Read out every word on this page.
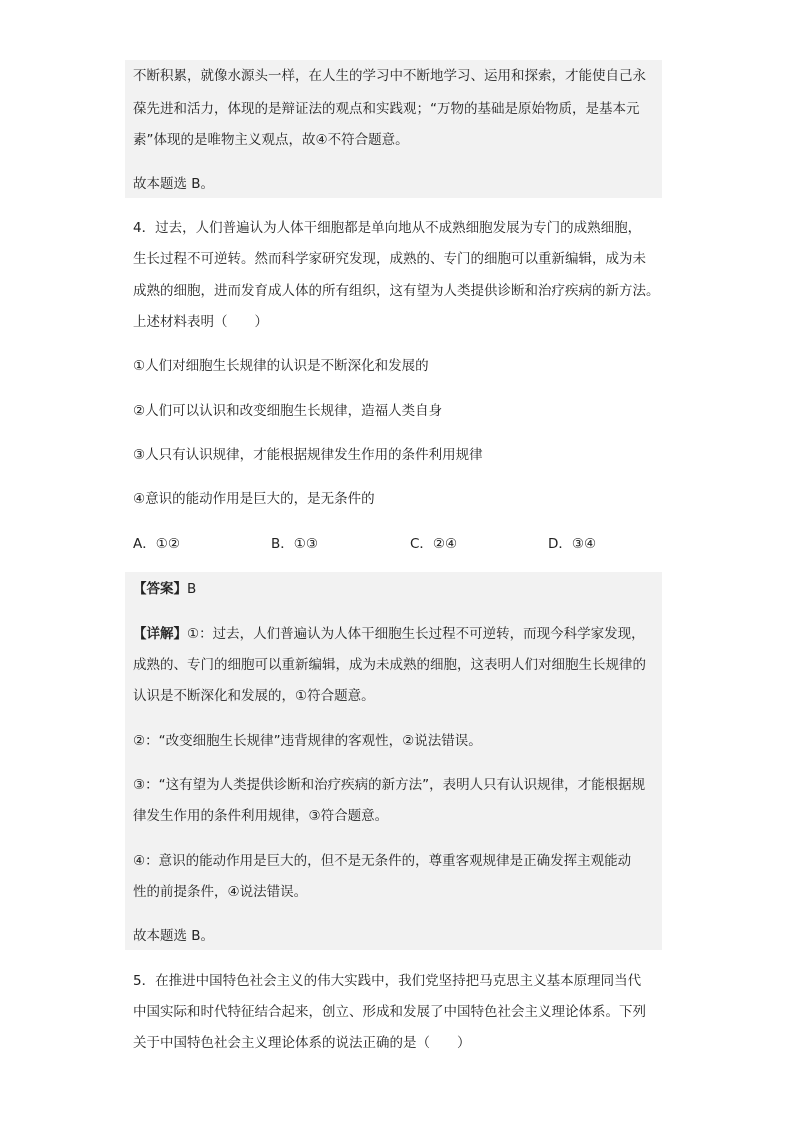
不断积累，就像水源头一样，在人生的学习中不断地学习、运用和探索，才能使自己永
葆先进和活力，体现的是辩证法的观点和实践观；“万物的基础是原始物质，是基本元
素”体现的是唯物主义观点，故④不符合题意。
故本题选 B。
4．过去，人们普遍认为人体干细胞都是单向地从不成熟细胞发展为专门的成熟细胞，
生长过程不可逆转。然而科学家研究发现，成熟的、专门的细胞可以重新编辑，成为未
成熟的细胞，进而发育成人体的所有组织，这有望为人类提供诊断和治疗疾病的新方法。
上述材料表明（　　）
①人们对细胞生长规律的认识是不断深化和发展的
②人们可以认识和改变细胞生长规律，造福人类自身
③人只有认识规律，才能根据规律发生作用的条件利用规律
④意识的能动作用是巨大的，是无条件的
A．①②	B．①③	C．②④	D．③④
【答案】B
【详解】①：过去，人们普遍认为人体干细胞生长过程不可逆转，而现今科学家发现，
成熟的、专门的细胞可以重新编辑，成为未成熟的细胞，这表明人们对细胞生长规律的
认识是不断深化和发展的，①符合题意。
②：“改变细胞生长规律”违背规律的客观性，②说法错误。
③：“这有望为人类提供诊断和治疗疾病的新方法”，表明人只有认识规律，才能根据规
律发生作用的条件利用规律，③符合题意。
④：意识的能动作用是巨大的，但不是无条件的，尊重客观规律是正确发挥主观能动
性的前提条件，④说法错误。
故本题选 B。
5．在推进中国特色社会主义的伟大实践中，我们党坚持把马克思主义基本原理同当代
中国实际和时代特征结合起来，创立、形成和发展了中国特色社会主义理论体系。下列
关于中国特色社会主义理论体系的说法正确的是（　　）
